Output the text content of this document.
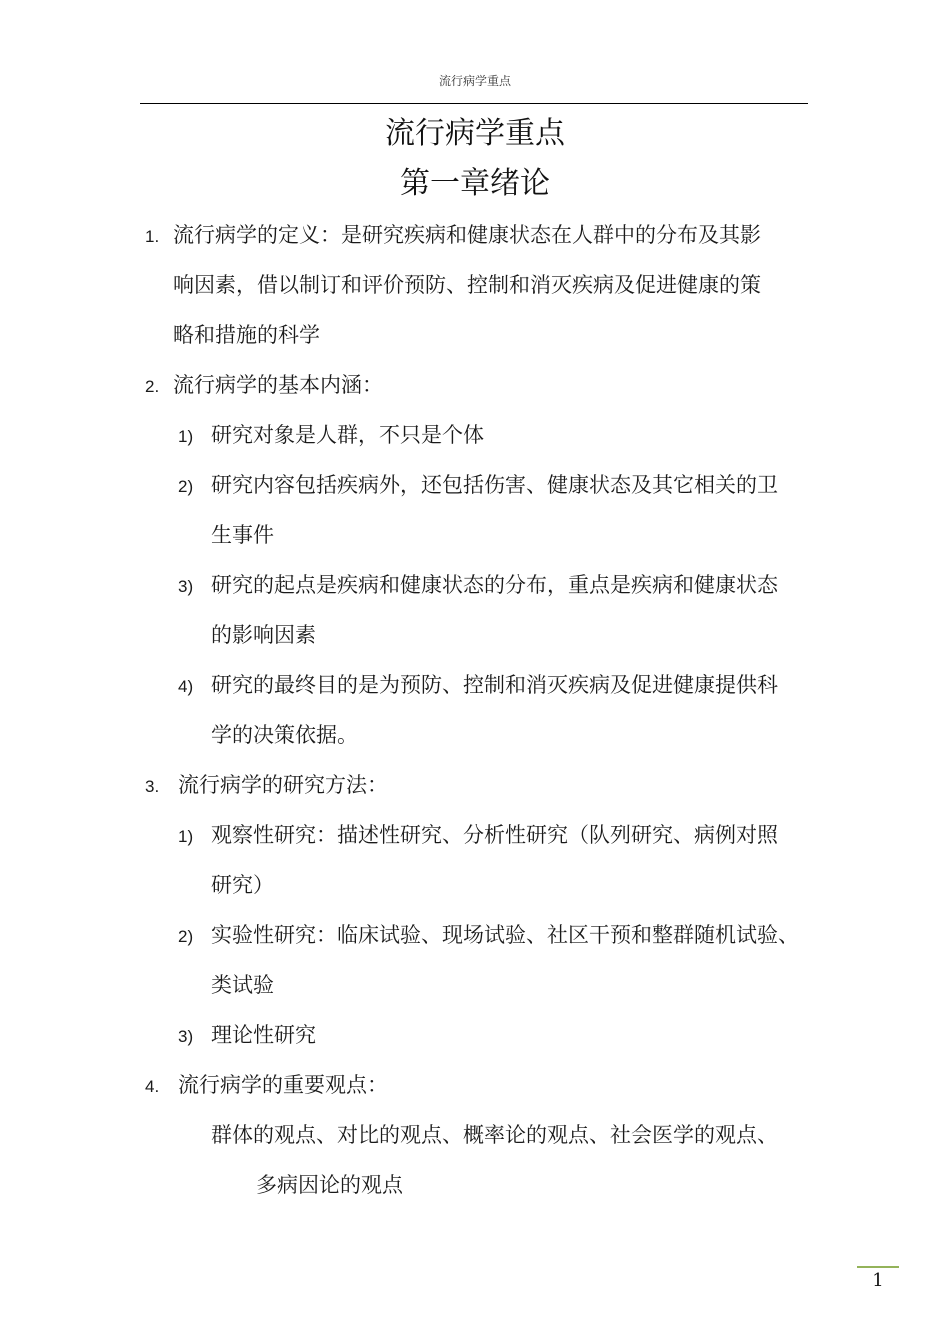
流行病学重点
流行病学重点
第一章绪论
1. 流行病学的定义：是研究疾病和健康状态在人群中的分布及其影

响因素，借以制订和评价预防、控制和消灭疾病及促进健康的策

略和措施的科学

2. 流行病学的基本内涵：

1) 研究对象是人群，不只是个体

2) 研究内容包括疾病外，还包括伤害、健康状态及其它相关的卫

生事件

3) 研究的起点是疾病和健康状态的分布，重点是疾病和健康状态

的影响因素

4) 研究的最终目的是为预防、控制和消灭疾病及促进健康提供科

学的决策依据。

3. 流行病学的研究方法：

1) 观察性研究：描述性研究、分析性研究（队列研究、病例对照

研究）

2) 实验性研究：临床试验、现场试验、社区干预和整群随机试验、

类试验

3) 理论性研究

4. 流行病学的重要观点：

群体的观点、对比的观点、概率论的观点、社会医学的观点、

多病因论的观点

1
